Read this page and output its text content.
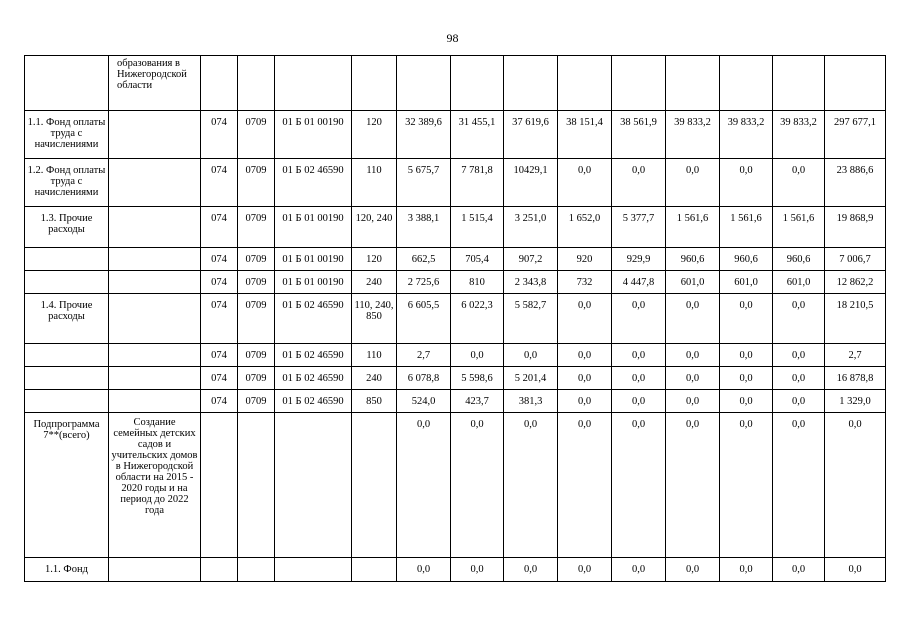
98
	образования в Нижегородской области													
1.1. Фонд оплаты труда с начислениями		074	0709	01 Б 01 00190	120	32 389,6	31 455,1	37 619,6	38 151,4	38 561,9	39 833,2	39 833,2	39 833,2	297 677,1
1.2. Фонд оплаты труда с начислениями		074	0709	01 Б 02 46590	110	5 675,7	7 781,8	10429,1	0,0	0,0	0,0	0,0	0,0	23 886,6
1.3. Прочие расходы		074	0709	01 Б 01 00190	120, 240	3 388,1	1 515,4	3 251,0	1 652,0	5 377,7	1 561,6	1 561,6	1 561,6	19 868,9
		074	0709	01 Б 01 00190	120	662,5	705,4	907,2	920	929,9	960,6	960,6	960,6	7 006,7
		074	0709	01 Б 01 00190	240	2 725,6	810	2 343,8	732	4 447,8	601,0	601,0	601,0	12 862,2
1.4. Прочие расходы		074	0709	01 Б 02 46590	110, 240, 850	6 605,5	6 022,3	5 582,7	0,0	0,0	0,0	0,0	0,0	18 210,5
		074	0709	01 Б 02 46590	110	2,7	0,0	0,0	0,0	0,0	0,0	0,0	0,0	2,7
		074	0709	01 Б 02 46590	240	6 078,8	5 598,6	5 201,4	0,0	0,0	0,0	0,0	0,0	16 878,8
		074	0709	01 Б 02 46590	850	524,0	423,7	381,3	0,0	0,0	0,0	0,0	0,0	1 329,0
Подпрограмма 7**(всего)	Создание семейных детских садов и учительских домов в Нижегородской области на 2015 - 2020 годы и на период до 2022 года					0,0	0,0	0,0	0,0	0,0	0,0	0,0	0,0	0,0
1.1. Фонд						0,0	0,0	0,0	0,0	0,0	0,0	0,0	0,0	0,0
